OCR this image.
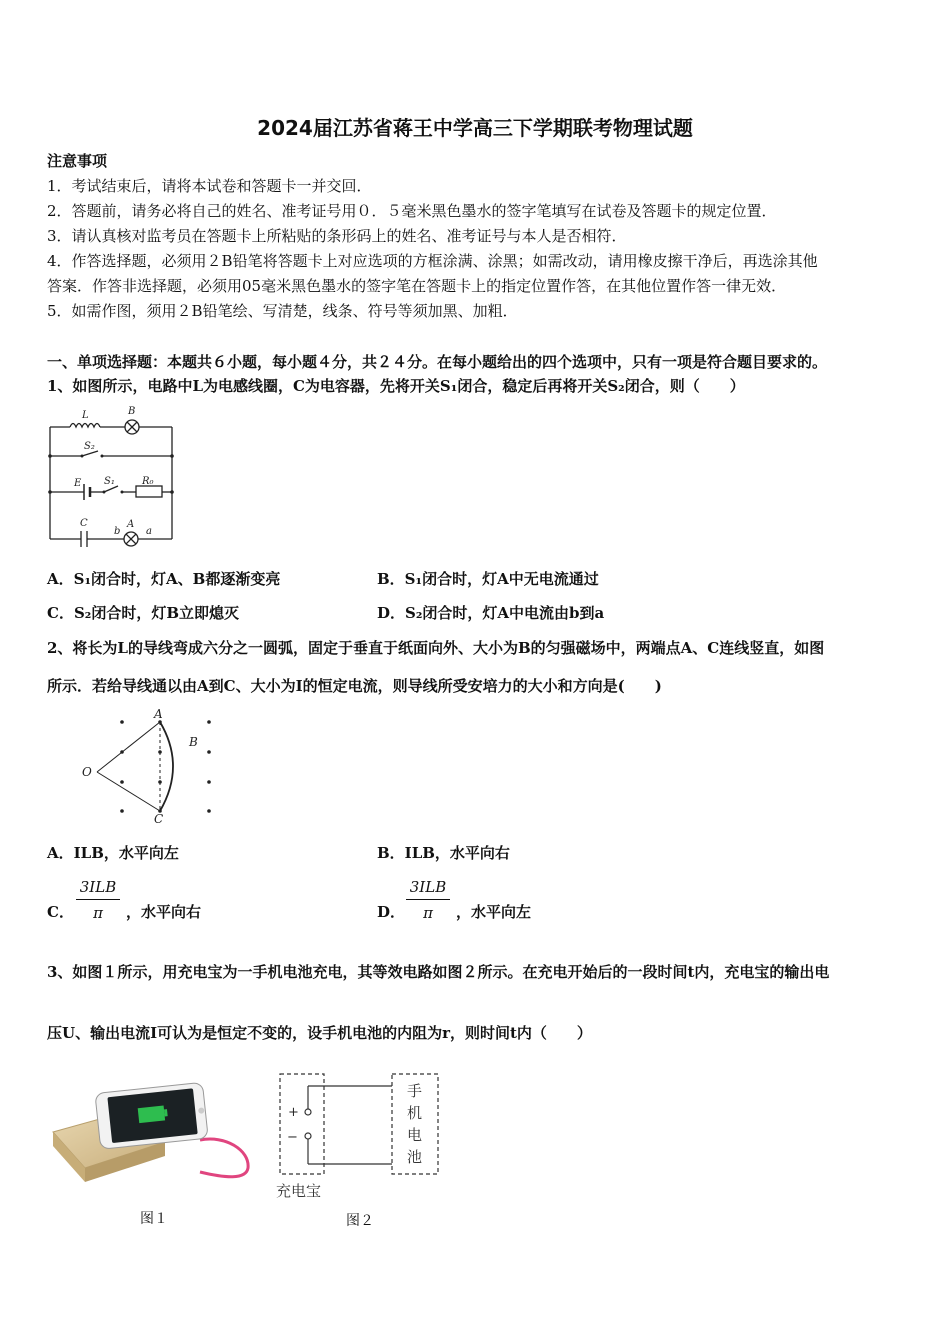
2024届江苏省蒋王中学高三下学期联考物理试题
注意事项
1．考试结束后，请将本试卷和答题卡一并交回．
2．答题前，请务必将自己的姓名、准考证号用０．５毫米黑色墨水的签字笔填写在试卷及答题卡的规定位置．
3．请认真核对监考员在答题卡上所粘贴的条形码上的姓名、准考证号与本人是否相符．
4．作答选择题，必须用２B铅笔将答题卡上对应选项的方框涂满、涂黑；如需改动，请用橡皮擦干净后，再选涂其他
答案．作答非选择题，必须用05毫米黑色墨水的签字笔在答题卡上的指定位置作答，在其他位置作答一律无效．
5．如需作图，须用２B铅笔绘、写清楚，线条、符号等须加黑、加粗．
一、单项选择题：本题共６小题，每小题４分，共２４分。在每小题给出的四个选项中，只有一项是符合题目要求的。
1、如图所示，电路中L为电感线圈，C为电容器，先将开关S₁闭合，稳定后再将开关S₂闭合，则（　　）
L	B
S₂
E S₁	R₀
C
b
A
a
A．S₁闭合时，灯A、B都逐渐变亮	B．S₁闭合时，灯A中无电流通过
C．S₂闭合时，灯B立即熄灭	D．S₂闭合时，灯A中电流由b到a
2、将长为L的导线弯成六分之一圆弧，固定于垂直于纸面向外、大小为B的匀强磁场中，两端点A、C连线竖直，如图
所示．若给导线通以由A到C、大小为I的恒定电流，则导线所受安培力的大小和方向是(　　)
A
B
O
C
A．ILB，水平向左	B．ILB，水平向右
C．
3ILB
π	，水平向右	D．
3ILB
π	，水平向左
3、如图１所示，用充电宝为一手机电池充电，其等效电路如图２所示。在充电开始后的一段时间t内，充电宝的输出电
压U、输出电流I可认为是恒定不变的，设手机电池的内阻为r，则时间t内（　　）
图１
+
−
手
机
电
池
充电宝
图２
